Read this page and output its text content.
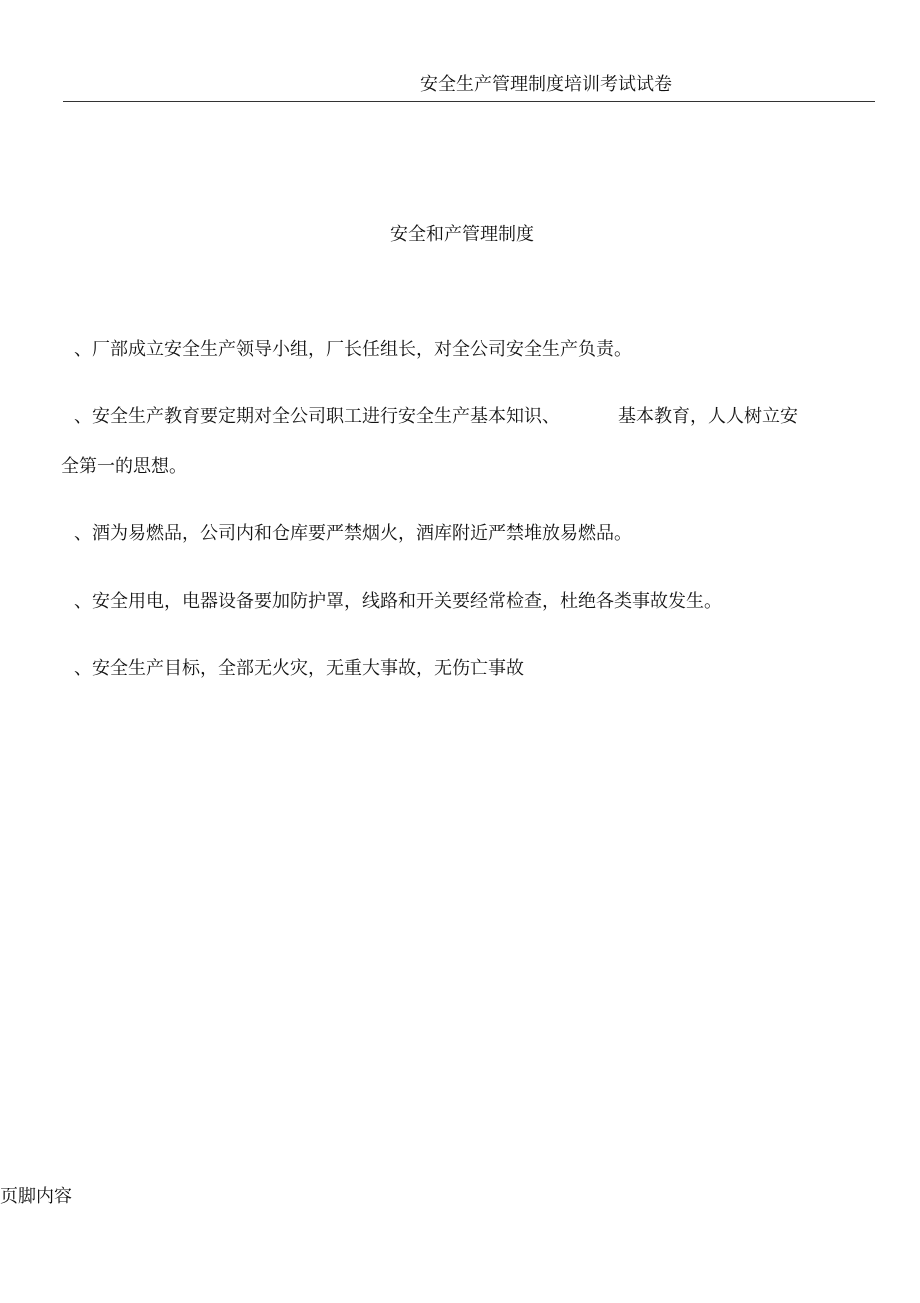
安全生产管理制度培训考试试卷
安全和产管理制度
、厂部成立安全生产领导小组，厂长任组长，对全公司安全生产负责。
、安全生产教育要定期对全公司职工进行安全生产基本知识、	基本教育，人人树立安
全第一的思想。
、酒为易燃品，公司内和仓库要严禁烟火，酒库附近严禁堆放易燃品。
、安全用电，电器设备要加防护罩，线路和开关要经常检查，杜绝各类事故发生。
、安全生产目标，全部无火灾，无重大事故，无伤亡事故
页脚内容
